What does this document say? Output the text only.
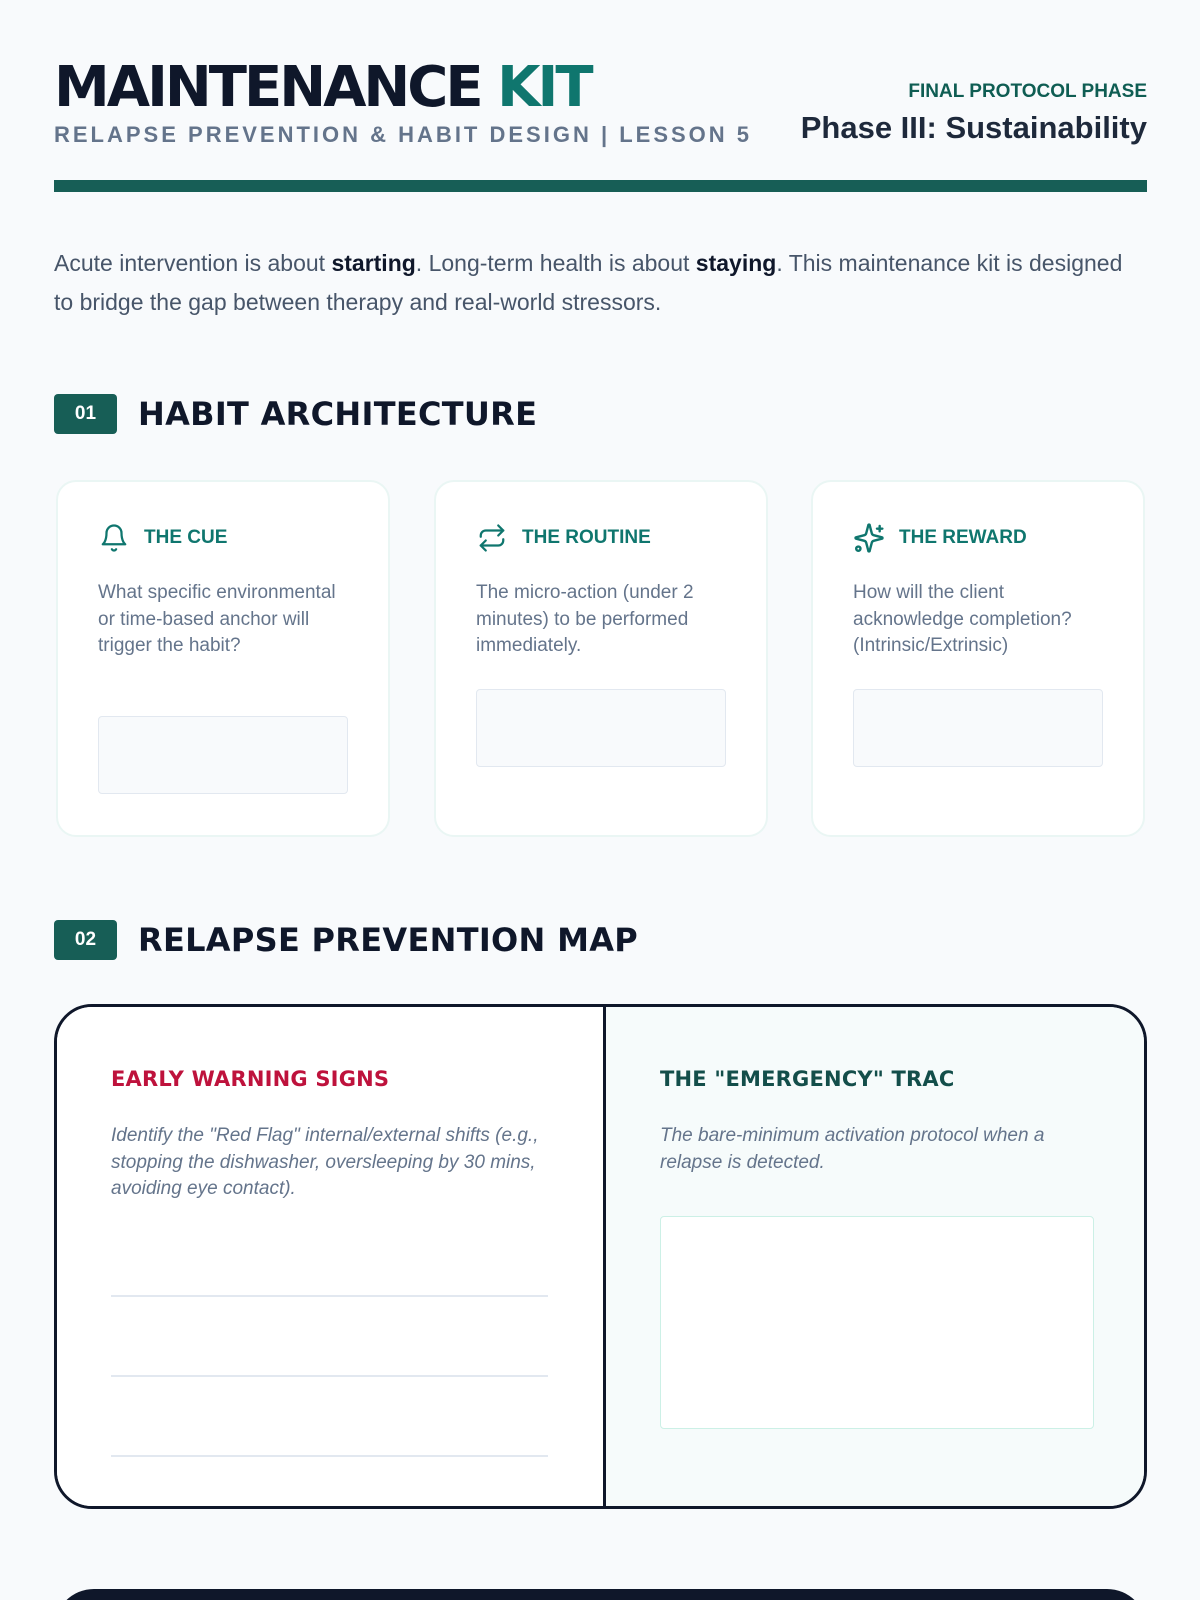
MAINTENANCE KIT
RELAPSE PREVENTION & HABIT DESIGN | LESSON 5
FINAL PROTOCOL PHASE
Phase III: Sustainability

Acute intervention is about starting. Long-term health is about staying. This maintenance kit is designed to bridge the gap between therapy and real-world stressors.

01	HABIT ARCHITECTURE
THE CUE
What specific environmental or time-based anchor will trigger the habit?
THE ROUTINE
The micro-action (under 2 minutes) to be performed immediately.
THE REWARD
How will the client acknowledge completion? (Intrinsic/Extrinsic)
02	RELAPSE PREVENTION MAP
EARLY WARNING SIGNS
Identify the "Red Flag" internal/external shifts (e.g., stopping the dishwasher, oversleeping by 30 mins, avoiding eye contact).
THE "EMERGENCY" TRAC
The bare-minimum activation protocol when a relapse is detected.
